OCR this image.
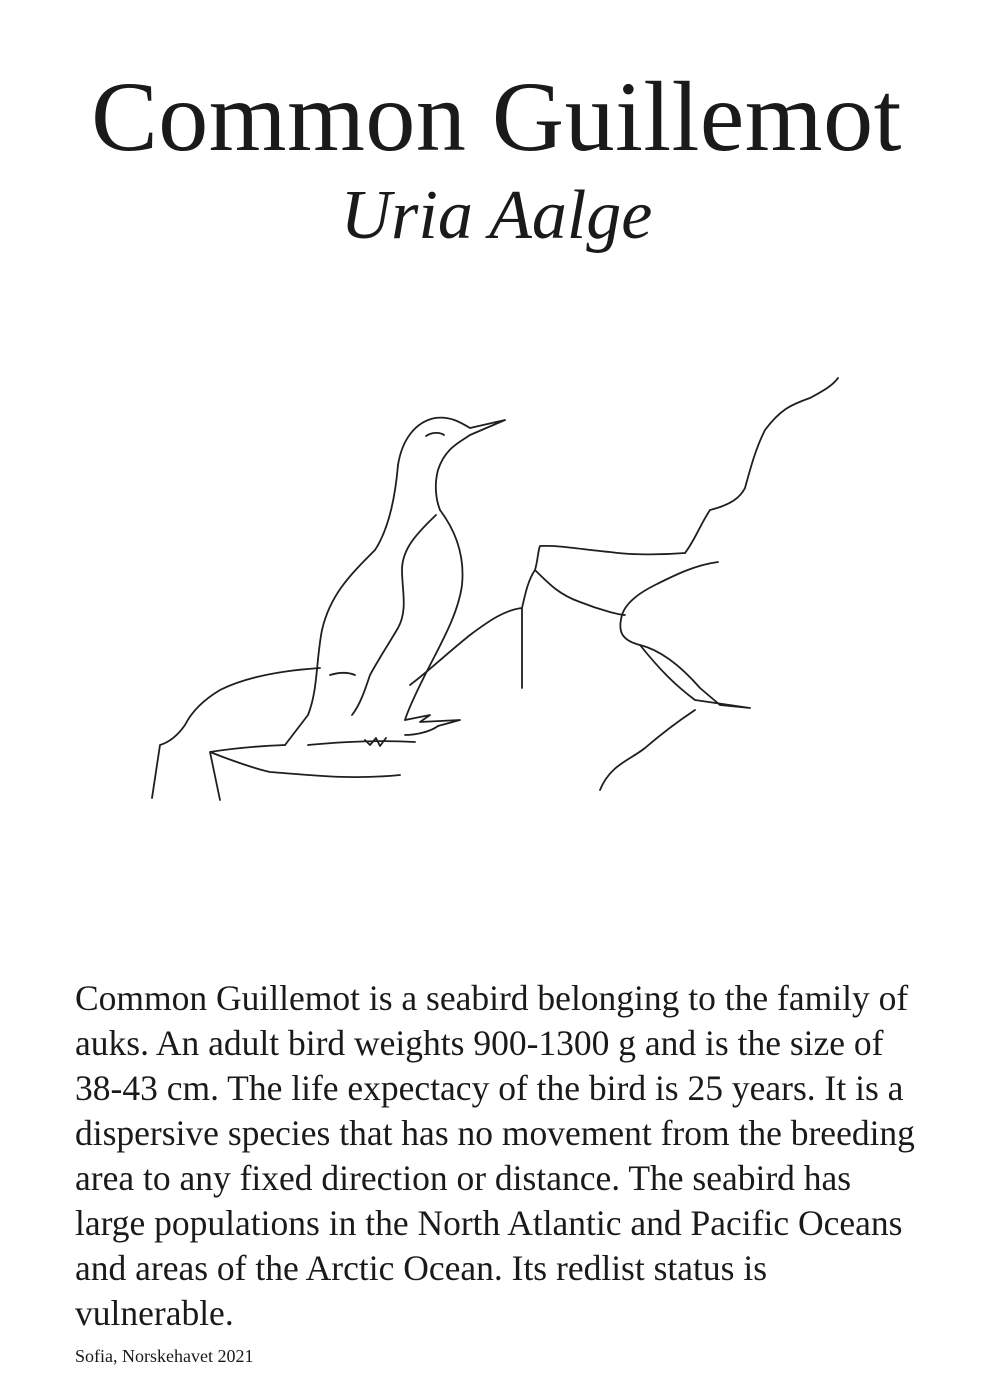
Common Guillemot
Uria Aalge

Common Guillemot is a seabird belonging to the family of auks. An adult bird weights 900-1300 g and is the size of 38-43 cm. The life expectacy of the bird is 25 years. It is a dispersive species that has no movement from the breeding area to any fixed direction or distance. The seabird has large populations in the North Atlantic and Pacific Oceans and areas of the Arctic Ocean. Its redlist status is vulnerable.

Sofia, Norskehavet 2021
